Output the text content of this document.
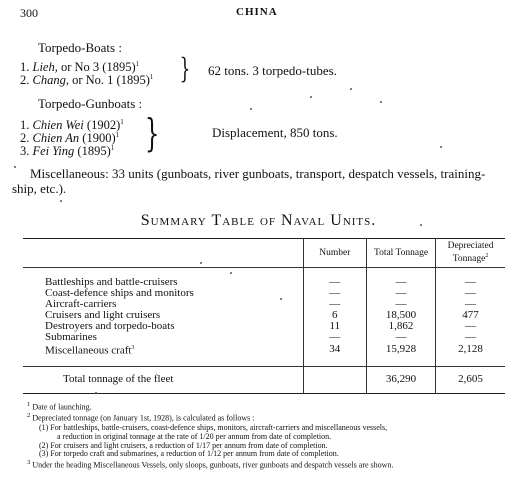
300	CHINA
Torpedo-Boats :
1. Lieh, or No 3 $(1895)^1$
2. Chang, or No. 1 $(1895)^1$ } 62 tons. 3 torpedo-tubes.
Torpedo-Gunboats :
1. Chien Wei $(1902)^1$
2. Chien An $(1900)^1$
3. Fei Ying $(1895)^1$ }	Displacement, 850 tons.
Miscellaneous: 33 units (gunboats, river gunboats, transport, despatch vessels, training-ship, etc.).
Summary Table of Naval Units.
	Number	Total Tonnage	Depreciated Tonnage$^2$

Battleships and battle-cruisers	—	—	—
Coast-defence ships and monitors	—	—	—
Aircraft-carriers	—	—	—
Cruisers and light cruisers	6	18,500	477
Destroyers and torpedo-boats	11	1,862	—
Submarines	—	—	—
Miscellaneous craft$^3$	34	15,928	2,128

Total tonnage of the fleet		36,290	2,605
$^1$ Date of launching.
$^2$ Depreciated tonnage (on January 1st, 1928), is calculated as follows :
(1) For battleships, battle-cruisers, coast-defence ships, monitors, aircraft-carriers and miscellaneous vessels,
a reduction in original tonnage at the rate of 1/20 per annum from date of completion.
(2) For cruisers and light cruisers, a reduction of 1/17 per annum from date of completion.
(3) For torpedo craft and submarines, a reduction of 1/12 per annum from date of completion.
$^3$ Under the heading Miscellaneous Vessels, only sloops, gunboats, river gunboats and despatch vessels are shown.
